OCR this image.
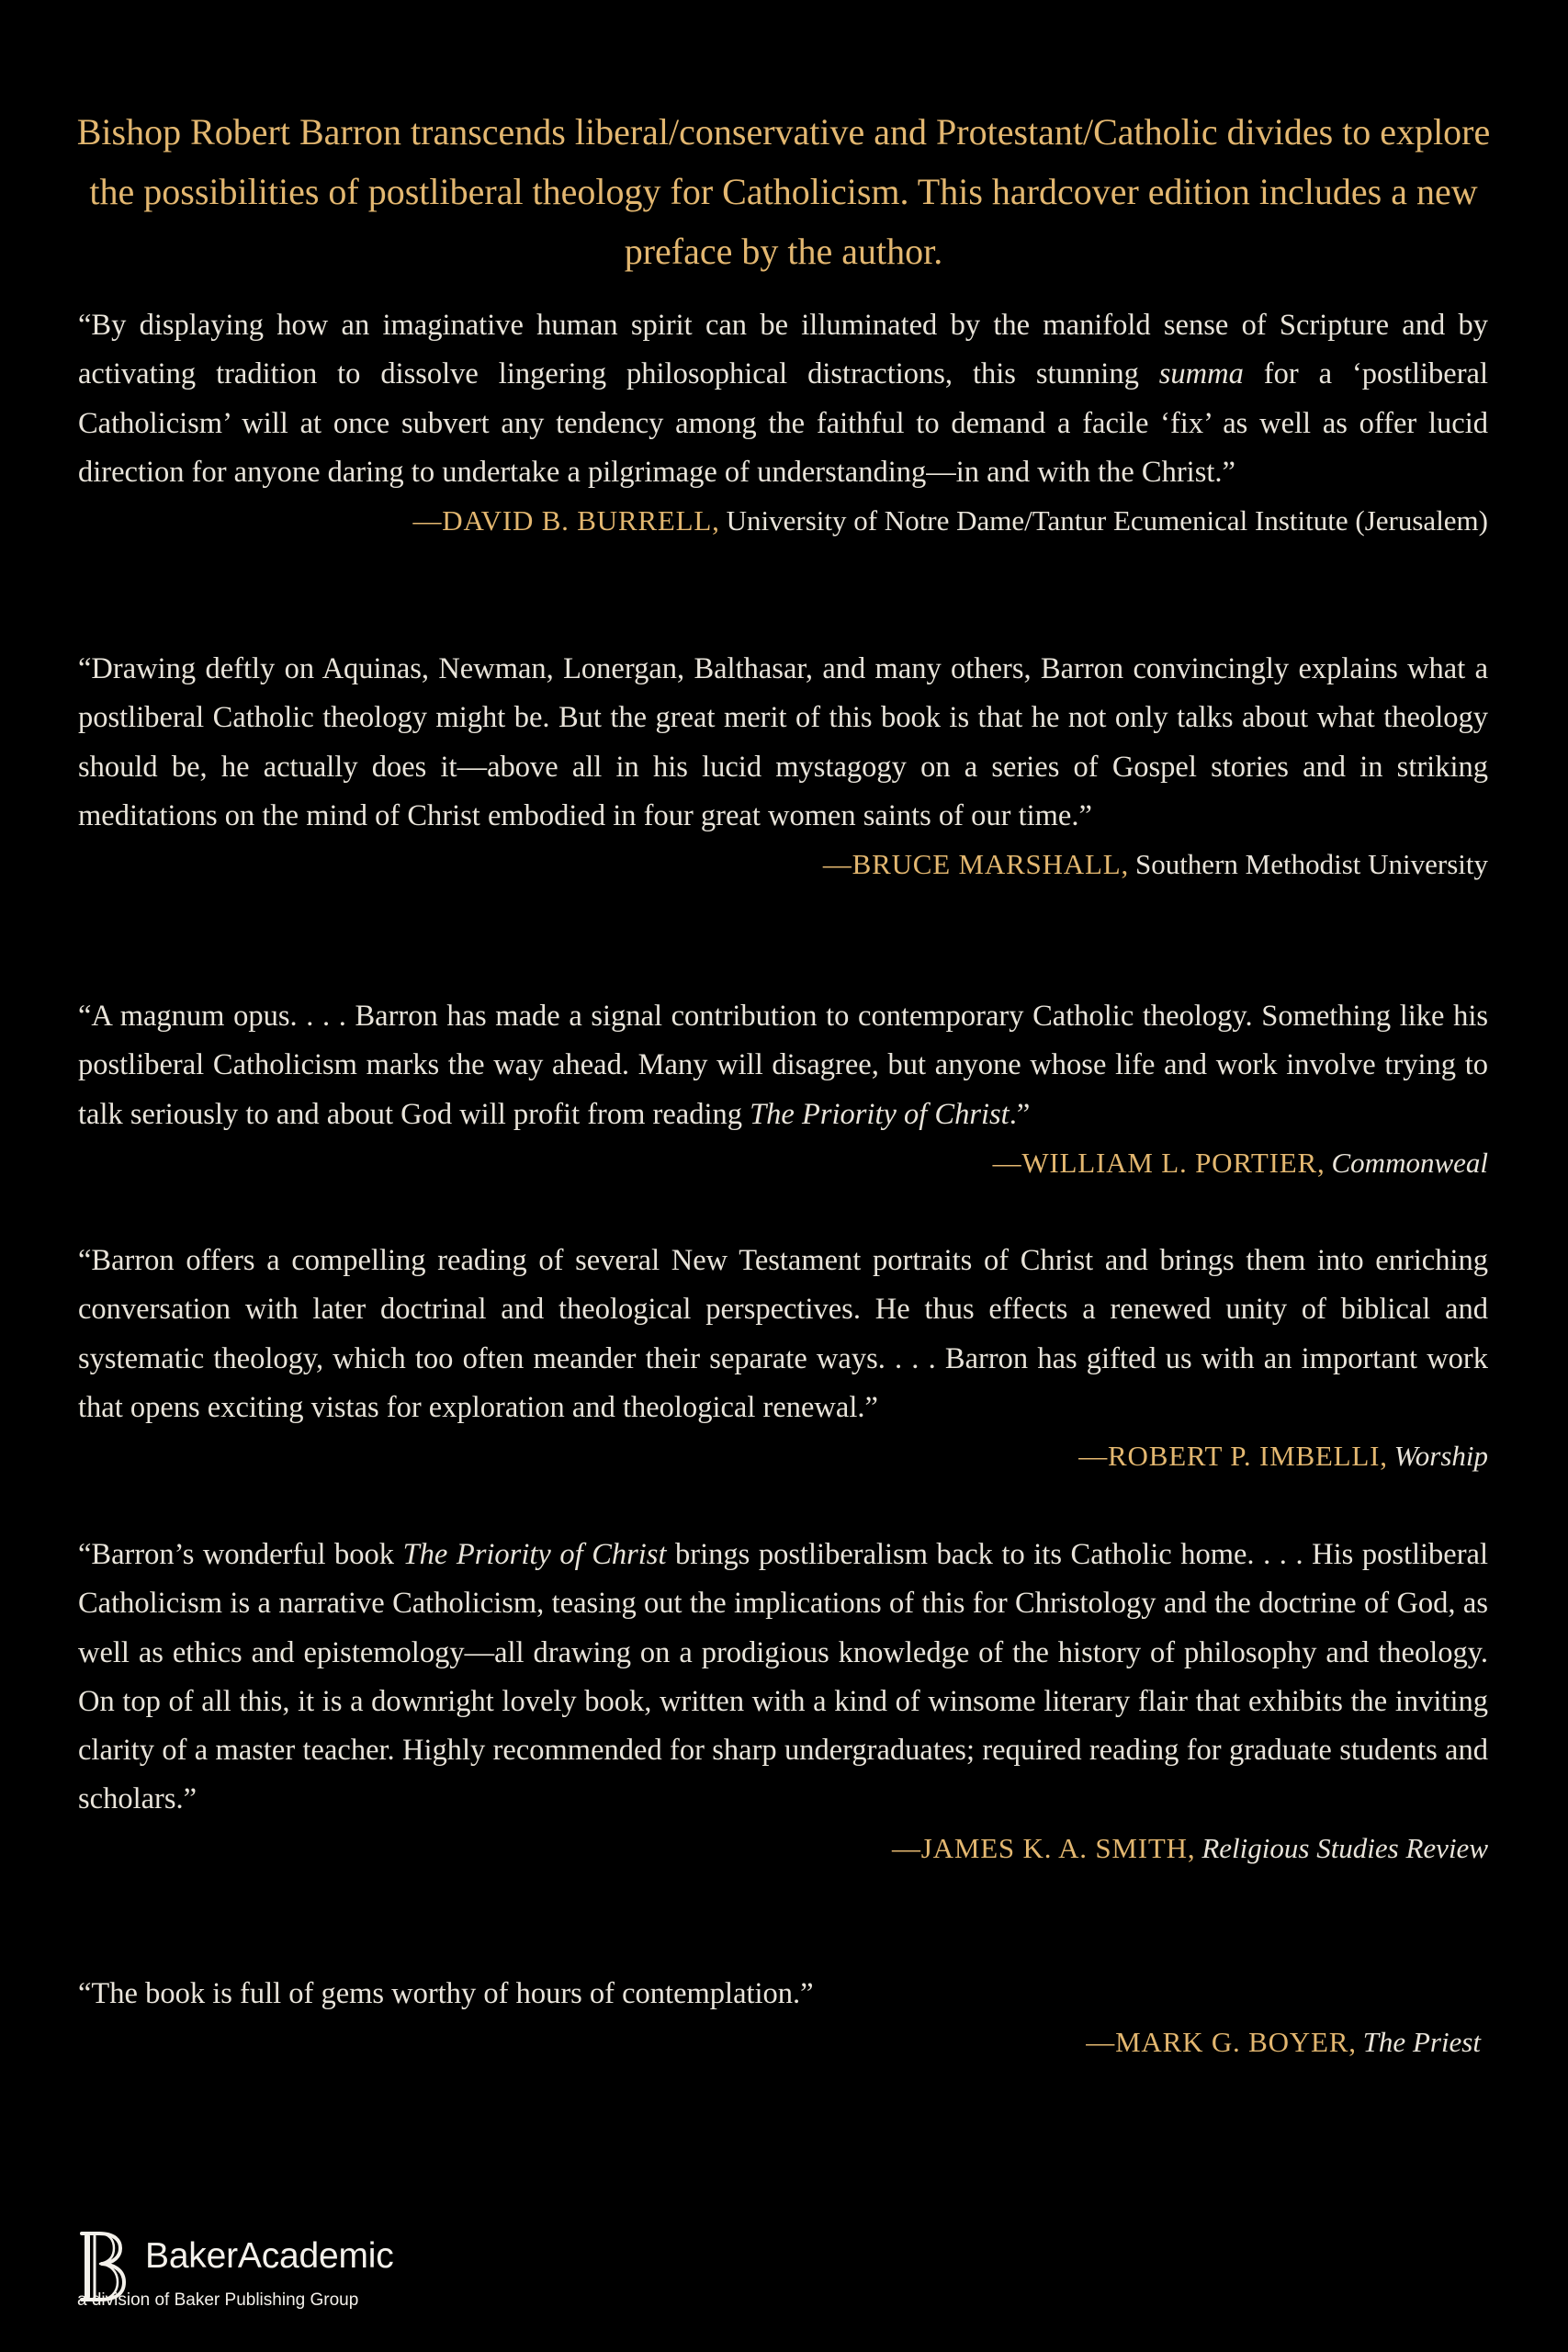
Bishop Robert Barron transcends liberal/conservative and Protestant/Catholic divides to explore the possibilities of postliberal theology for Catholicism. This hardcover edition includes a new preface by the author.

“By displaying how an imaginative human spirit can be illuminated by the manifold sense of Scripture and by activating tradition to dissolve lingering philosophical distractions, this stunning summa for a ‘postliberal Catholicism’ will at once subvert any tendency among the faithful to demand a facile ‘fix’ as well as offer lucid direction for anyone daring to undertake a pilgrimage of understanding—in and with the Christ.”

—DAVID B. BURRELL, University of Notre Dame/Tantur Ecumenical Institute (Jerusalem)

“Drawing deftly on Aquinas, Newman, Lonergan, Balthasar, and many others, Barron convincingly explains what a postliberal Catholic theology might be. But the great merit of this book is that he not only talks about what theology should be, he actually does it—above all in his lucid mystagogy on a series of Gospel stories and in striking meditations on the mind of Christ embodied in four great women saints of our time.”

—BRUCE MARSHALL, Southern Methodist University

“A magnum opus. . . . Barron has made a signal contribution to contemporary Catholic theology. Something like his postliberal Catholicism marks the way ahead. Many will disagree, but anyone whose life and work involve trying to talk seriously to and about God will profit from reading The Priority of Christ.”

—WILLIAM L. PORTIER, Commonweal

“Barron offers a compelling reading of several New Testament portraits of Christ and brings them into enriching conversation with later doctrinal and theological perspectives. He thus effects a renewed unity of biblical and systematic theology, which too often meander their separate ways. . . . Barron has gifted us with an important work that opens exciting vistas for exploration and theological renewal.”

—ROBERT P. IMBELLI, Worship

“Barron’s wonderful book The Priority of Christ brings postliberalism back to its Catholic home. . . . His postliberal Catholicism is a narrative Catholicism, teasing out the implications of this for Christology and the doctrine of God, as well as ethics and epistemology—all drawing on a prodigious knowledge of the history of philosophy and theology. On top of all this, it is a downright lovely book, written with a kind of winsome literary flair that exhibits the inviting clarity of a master teacher. Highly recommended for sharp undergraduates; required reading for graduate students and scholars.”

—JAMES K. A. SMITH, Religious Studies Review

“The book is full of gems worthy of hours of contemplation.”

—MARK G. BOYER, The Priest
BakerAcademic
a division of Baker Publishing Group
